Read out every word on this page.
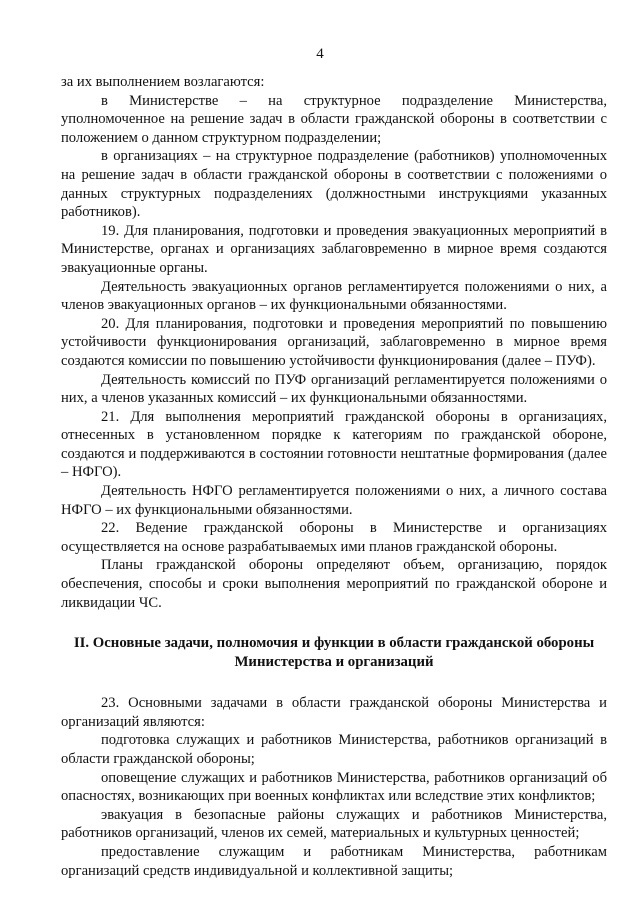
4

за их выполнением возлагаются:

в Министерстве – на структурное подразделение Министерства, уполномоченное на решение задач в области гражданской обороны в соответствии с положением о данном структурном подразделении;

в организациях – на структурное подразделение (работников) уполномоченных на решение задач в области гражданской обороны в соответствии с положениями о данных структурных подразделениях (должностными инструкциями указанных работников).

19. Для планирования, подготовки и проведения эвакуационных мероприятий в Министерстве, органах и организациях заблаговременно в мирное время создаются эвакуационные органы.

Деятельность эвакуационных органов регламентируется положениями о них, а членов эвакуационных органов – их функциональными обязанностями.

20. Для планирования, подготовки и проведения мероприятий по повышению устойчивости функционирования организаций, заблаговременно в мирное время создаются комиссии по повышению устойчивости функционирования (далее – ПУФ).

Деятельность комиссий по ПУФ организаций регламентируется положениями о них, а членов указанных комиссий – их функциональными обязанностями.

21. Для выполнения мероприятий гражданской обороны в организациях, отнесенных в установленном порядке к категориям по гражданской обороне, создаются и поддерживаются в состоянии готовности нештатные формирования (далее – НФГО).

Деятельность НФГО регламентируется положениями о них, а личного состава НФГО – их функциональными обязанностями.

22. Ведение гражданской обороны в Министерстве и организациях осуществляется на основе разрабатываемых ими планов гражданской обороны.

Планы гражданской обороны определяют объем, организацию, порядок обеспечения, способы и сроки выполнения мероприятий по гражданской обороне и ликвидации ЧС.

II. Основные задачи, полномочия и функции в области гражданской обороны
Министерства и организаций

23. Основными задачами в области гражданской обороны Министерства и организаций являются:

подготовка служащих и работников Министерства, работников организаций в области гражданской обороны;

оповещение служащих и работников Министерства, работников организаций об опасностях, возникающих при военных конфликтах или вследствие этих конфликтов;

эвакуация в безопасные районы служащих и работников Министерства, работников организаций, членов их семей, материальных и культурных ценностей;

предоставление служащим и работникам Министерства, работникам организаций средств индивидуальной и коллективной защиты;
